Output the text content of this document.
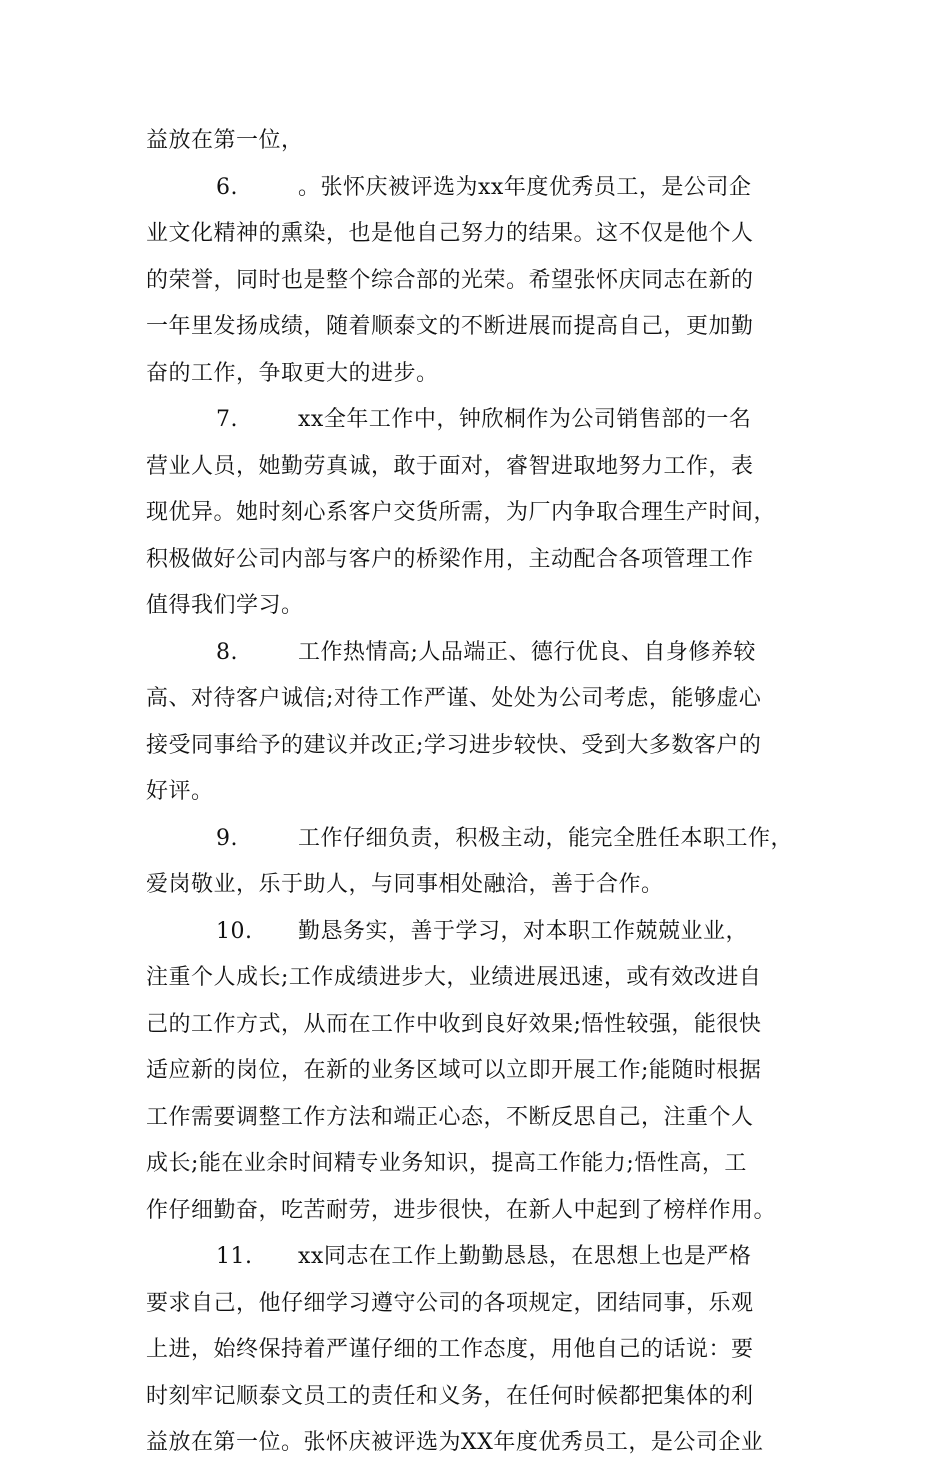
益放在第一位，
6.	。张怀庆被评选为xx年度优秀员工，是公司企
业文化精神的熏染，也是他自己努力的结果。这不仅是他个人
的荣誉，同时也是整个综合部的光荣。希望张怀庆同志在新的
一年里发扬成绩，随着顺泰文的不断进展而提高自己，更加勤
奋的工作，争取更大的进步。
7.	xx全年工作中，钟欣桐作为公司销售部的一名
营业人员，她勤劳真诚，敢于面对，睿智进取地努力工作，表
现优异。她时刻心系客户交货所需，为厂内争取合理生产时间，
积极做好公司内部与客户的桥梁作用，主动配合各项管理工作
值得我们学习。
8.	工作热情高;人品端正、德行优良、自身修养较
高、对待客户诚信;对待工作严谨、处处为公司考虑，能够虚心
接受同事给予的建议并改正;学习进步较快、受到大多数客户的
好评。
9.	工作仔细负责，积极主动，能完全胜任本职工作，
爱岗敬业，乐于助人，与同事相处融洽，善于合作。
10. 勤恳务实，善于学习，对本职工作兢兢业业，
注重个人成长;工作成绩进步大，业绩进展迅速，或有效改进自
己的工作方式，从而在工作中收到良好效果;悟性较强，能很快
适应新的岗位，在新的业务区域可以立即开展工作;能随时根据
工作需要调整工作方法和端正心态，不断反思自己，注重个人
成长;能在业余时间精专业务知识，提高工作能力;悟性高，工
作仔细勤奋，吃苦耐劳，进步很快，在新人中起到了榜样作用。
11. xx同志在工作上勤勤恳恳，在思想上也是严格
要求自己，他仔细学习遵守公司的各项规定，团结同事，乐观
上进，始终保持着严谨仔细的工作态度，用他自己的话说：要
时刻牢记顺泰文员工的责任和义务，在任何时候都把集体的利
益放在第一位。张怀庆被评选为XX年度优秀员工，是公司企业
